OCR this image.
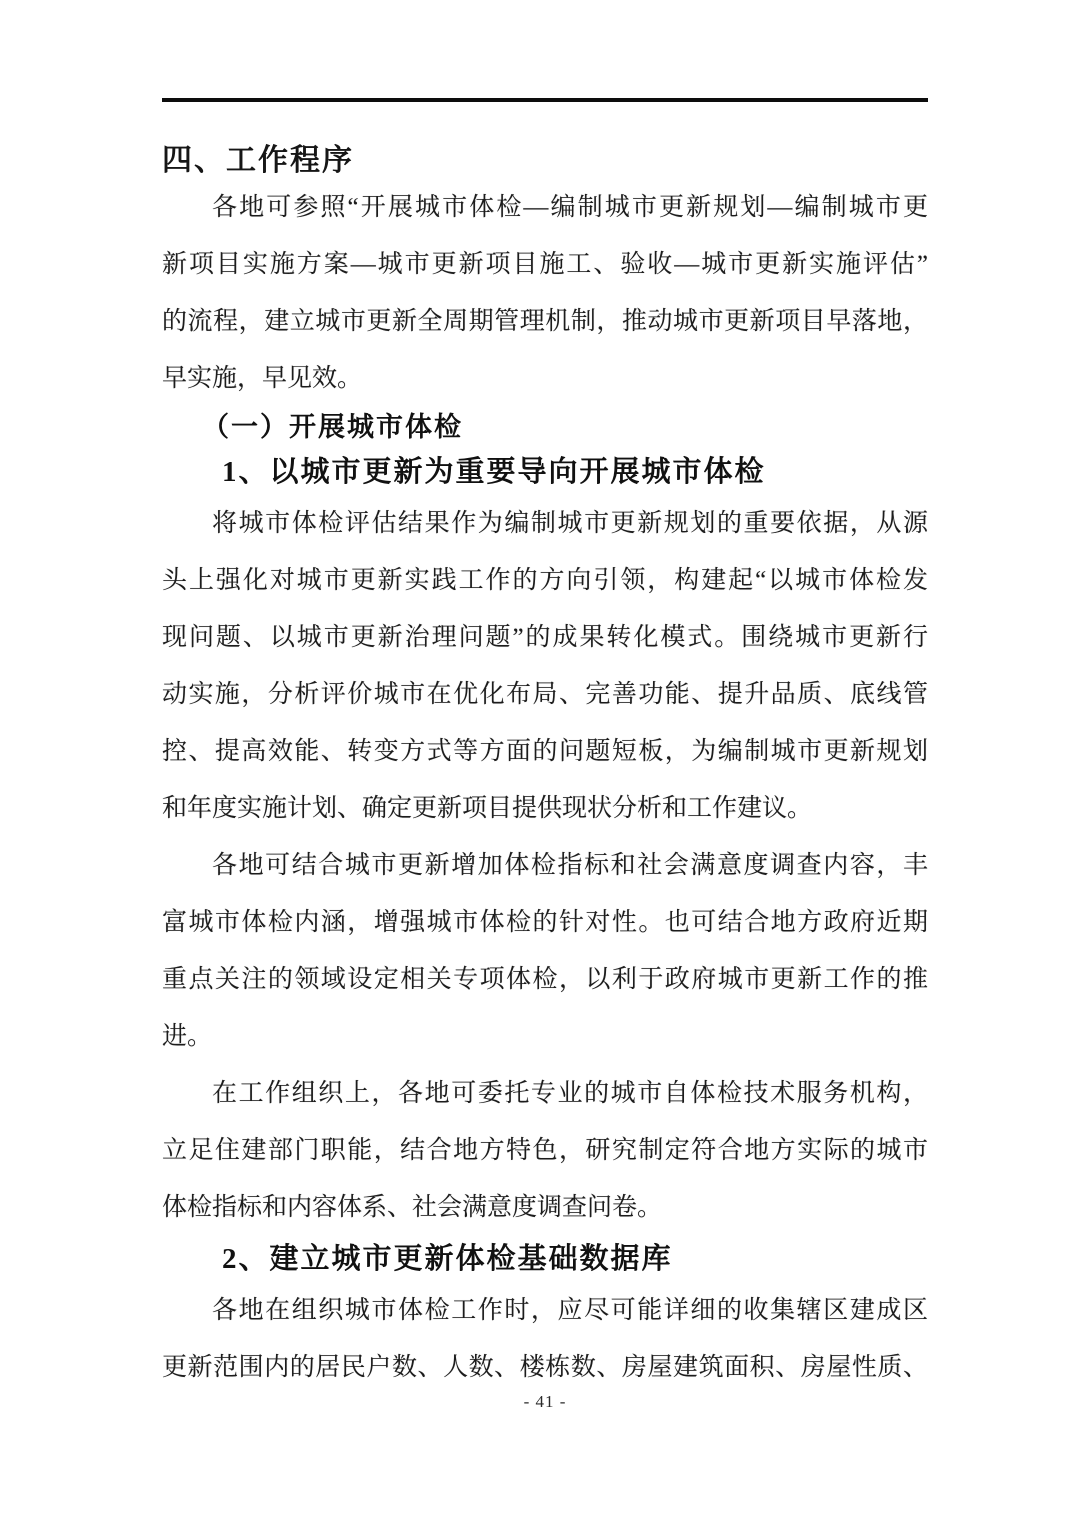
四、工作程序
各地可参照“开展城市体检—编制城市更新规划—编制城市更
新项目实施方案—城市更新项目施工、验收—城市更新实施评估”
的流程，建立城市更新全周期管理机制，推动城市更新项目早落地，
早实施，早见效。
（一）开展城市体检
1、以城市更新为重要导向开展城市体检
将城市体检评估结果作为编制城市更新规划的重要依据，从源
头上强化对城市更新实践工作的方向引领，构建起“以城市体检发
现问题、以城市更新治理问题”的成果转化模式。围绕城市更新行
动实施，分析评价城市在优化布局、完善功能、提升品质、底线管
控、提高效能、转变方式等方面的问题短板，为编制城市更新规划
和年度实施计划、确定更新项目提供现状分析和工作建议。
各地可结合城市更新增加体检指标和社会满意度调查内容，丰
富城市体检内涵，增强城市体检的针对性。也可结合地方政府近期
重点关注的领域设定相关专项体检，以利于政府城市更新工作的推
进。
在工作组织上，各地可委托专业的城市自体检技术服务机构，
立足住建部门职能，结合地方特色，研究制定符合地方实际的城市
体检指标和内容体系、社会满意度调查问卷。
2、建立城市更新体检基础数据库
各地在组织城市体检工作时，应尽可能详细的收集辖区建成区
更新范围内的居民户数、人数、楼栋数、房屋建筑面积、房屋性质、
- 41 -
